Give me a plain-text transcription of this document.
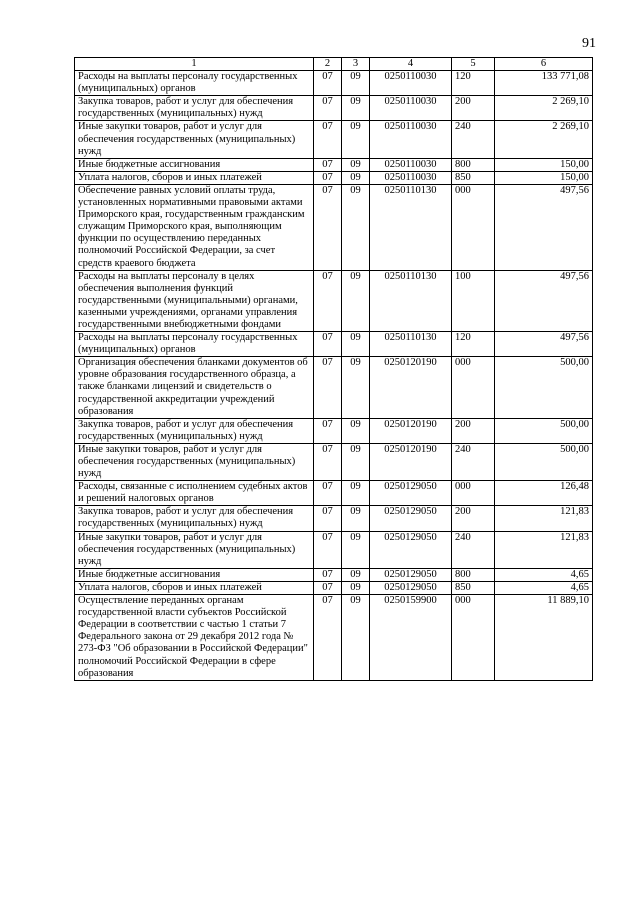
91
1	2	3	4	5	6
Расходы на выплаты персоналу государственных (муниципальных) органов	07	09	0250110030	120	133 771,08
Закупка товаров, работ и услуг для обеспечения государственных (муниципальных) нужд	07	09	0250110030	200	2 269,10
Иные закупки товаров, работ и услуг для обеспечения государственных (муниципальных) нужд	07	09	0250110030	240	2 269,10
Иные бюджетные ассигнования	07	09	0250110030	800	150,00
Уплата налогов, сборов и иных платежей	07	09	0250110030	850	150,00
Обеспечение равных условий оплаты труда, установленных нормативными правовыми актами Приморского края, государственным гражданским служащим Приморского края, выполняющим функции по осуществлению переданных полномочий Российской Федерации, за счет средств краевого бюджета	07	09	0250110130	000	497,56
Расходы на выплаты персоналу в целях обеспечения выполнения функций государственными (муниципальными) органами, казенными учреждениями, органами управления государственными внебюджетными фондами	07	09	0250110130	100	497,56
Расходы на выплаты персоналу государственных (муниципальных) органов	07	09	0250110130	120	497,56
Организация обеспечения бланками документов об уровне образования государственного образца, а также бланками лицензий и свидетельств о государственной аккредитации учреждений образования	07	09	0250120190	000	500,00
Закупка товаров, работ и услуг для обеспечения государственных (муниципальных) нужд	07	09	0250120190	200	500,00
Иные закупки товаров, работ и услуг для обеспечения государственных (муниципальных) нужд	07	09	0250120190	240	500,00
Расходы, связанные с исполнением судебных актов и решений налоговых органов	07	09	0250129050	000	126,48
Закупка товаров, работ и услуг для обеспечения государственных (муниципальных) нужд	07	09	0250129050	200	121,83
Иные закупки товаров, работ и услуг для обеспечения государственных (муниципальных) нужд	07	09	0250129050	240	121,83
Иные бюджетные ассигнования	07	09	0250129050	800	4,65
Уплата налогов, сборов и иных платежей	07	09	0250129050	850	4,65
Осуществление переданных органам государственной власти субъектов Российской Федерации в соответствии с частью 1 статьи 7 Федерального закона от 29 декабря 2012 года № 273-ФЗ "Об образовании в Российской Федерации" полномочий Российской Федерации в сфере образования	07	09	0250159900	000	11 889,10
